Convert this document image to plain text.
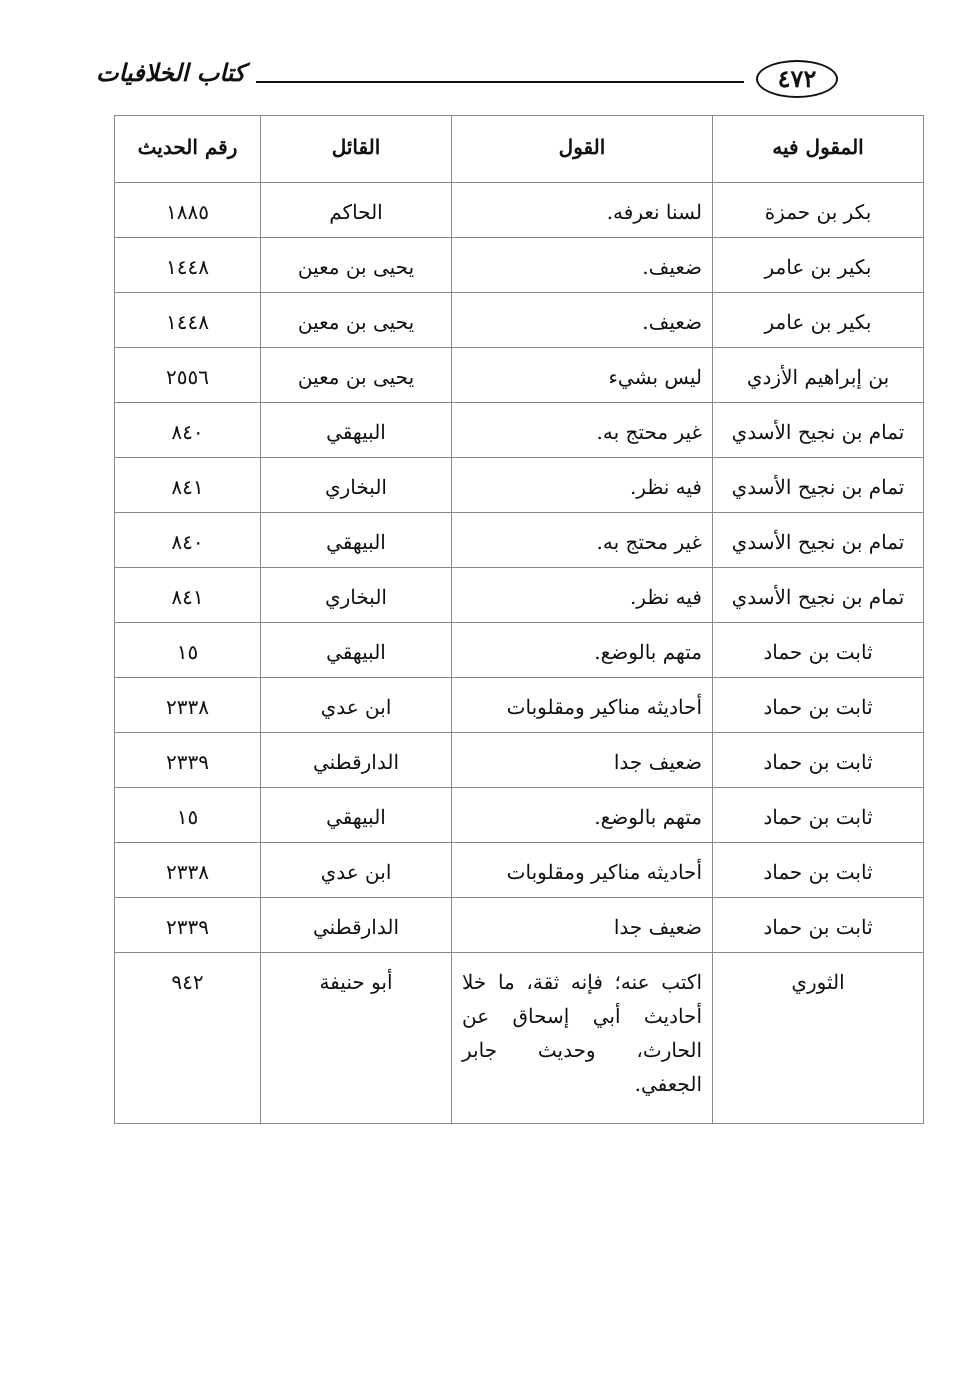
٤٧٢
كتاب الخلافيات
المقول فيه	القول	القائل	رقم الحديث
بكر بن حمزة	لسنا نعرفه.	الحاكم	١٨٨٥
بكير بن عامر	ضعيف.	يحيى بن معين	١٤٤٨
بكير بن عامر	ضعيف.	يحيى بن معين	١٤٤٨
بن إبراهيم الأزدي	ليس بشيء	يحيى بن معين	٢٥٥٦
تمام بن نجيح الأسدي	غير محتج به.	البيهقي	٨٤٠
تمام بن نجيح الأسدي	فيه نظر.	البخاري	٨٤١
تمام بن نجيح الأسدي	غير محتج به.	البيهقي	٨٤٠
تمام بن نجيح الأسدي	فيه نظر.	البخاري	٨٤١
ثابت بن حماد	متهم بالوضع.	البيهقي	١٥
ثابت بن حماد	أحاديثه مناكير ومقلوبات	ابن عدي	٢٣٣٨
ثابت بن حماد	ضعيف جدا	الدارقطني	٢٣٣٩
ثابت بن حماد	متهم بالوضع.	البيهقي	١٥
ثابت بن حماد	أحاديثه مناكير ومقلوبات	ابن عدي	٢٣٣٨
ثابت بن حماد	ضعيف جدا	الدارقطني	٢٣٣٩
الثوري	اكتب عنه؛ فإنه ثقة، ما خلا أحاديث أبي إسحاق عن الحارث، وحديث جابر الجعفي.	أبو حنيفة	٩٤٢
